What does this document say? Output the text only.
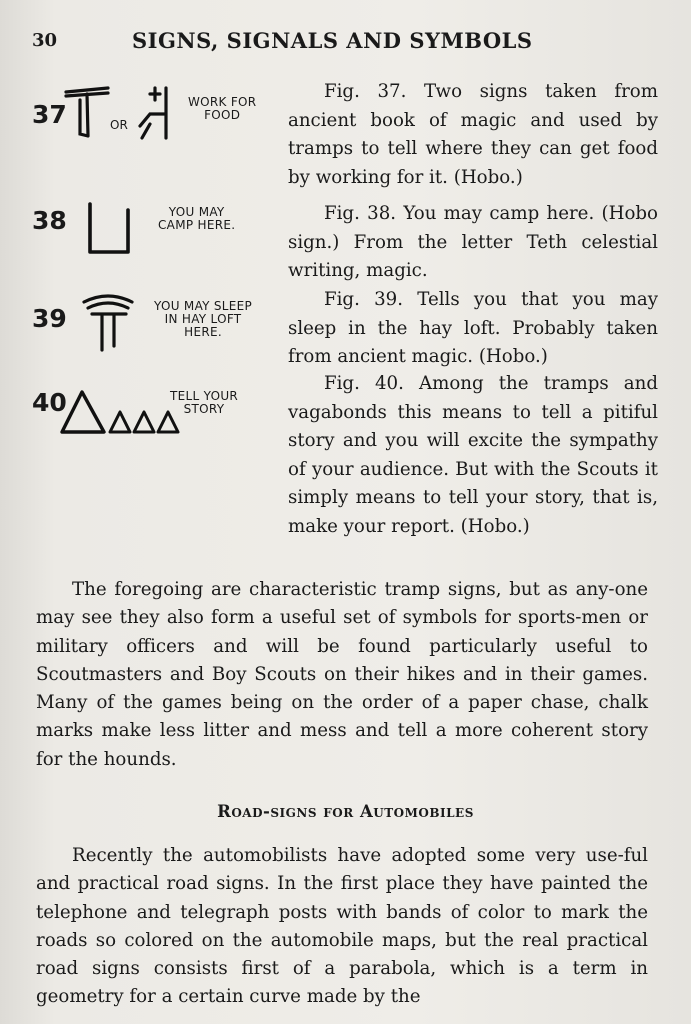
30	SIGNS, SIGNALS AND SYMBOLS
37	OR
WORK FOR
FOOD

Fig. 37. Two signs taken from ancient book of magic and used by tramps to tell where they can get food by working for it. (Hobo.)

38	YOU MAY
CAMP HERE.

Fig. 38. You may camp here. (Hobo sign.) From the letter Teth celestial writing, magic.

39	YOU MAY SLEEP
IN HAY LOFT
HERE.

Fig. 39. Tells you that you may sleep in the hay loft. Probably taken from ancient magic. (Hobo.)

40	TELL YOUR
STORY

Fig. 40. Among the tramps and vagabonds this means to tell a pitiful story and you will excite the sympathy of your audience. But with the Scouts it simply means to tell your story, that is, make your report. (Hobo.)

The foregoing are characteristic tramp signs, but as any-one may see they also form a useful set of symbols for sports-men or military officers and will be found particularly useful to Scoutmasters and Boy Scouts on their hikes and in their games. Many of the games being on the order of a paper chase, chalk marks make less litter and mess and tell a more coherent story for the hounds.

Road-signs for Automobiles

Recently the automobilists have adopted some very use-ful and practical road signs. In the first place they have painted the telephone and telegraph posts with bands of color to mark the roads so colored on the automobile maps, but the real practical road signs consists first of a parabola, which is a term in geometry for a certain curve made by the
